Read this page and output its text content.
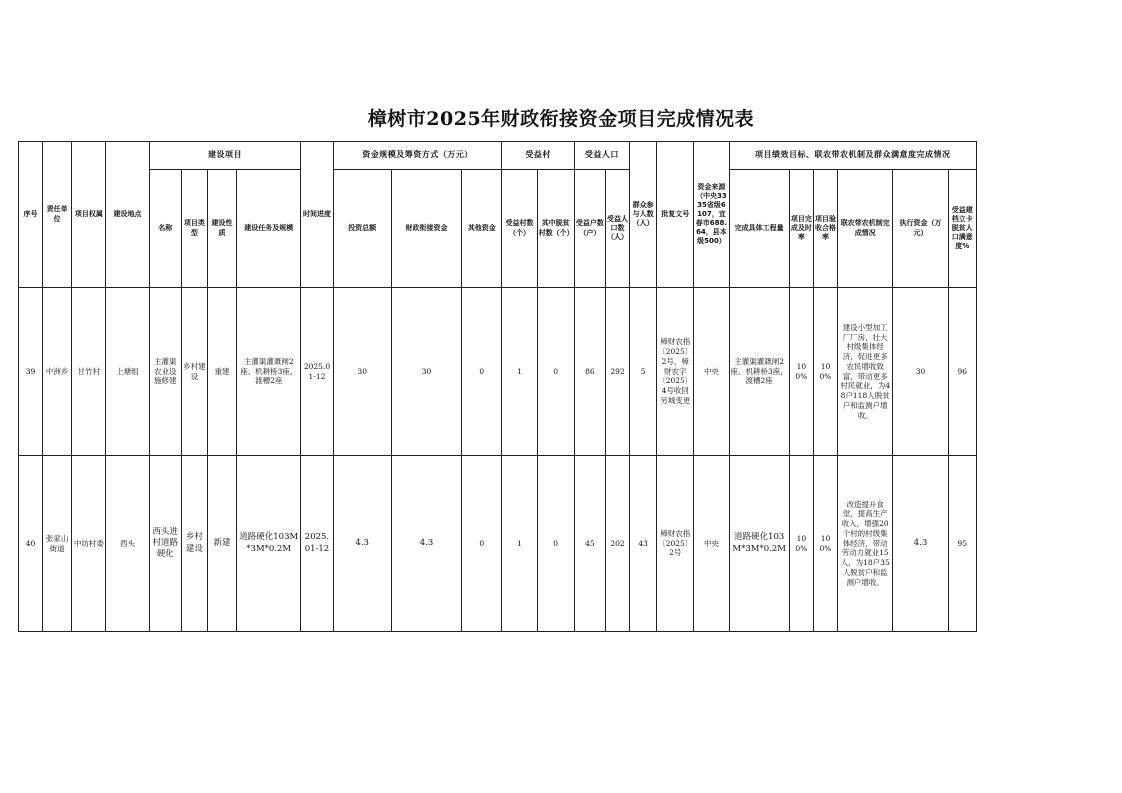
樟树市2025年财政衔接资金项目完成情况表
序号	责任单位	项目权属	建设地点	建设项目				时间进度	资金规模及筹资方式（万元）			受益村		受益人口		群众参与人数（人）	批复文号	资金来源（中央3335省级6107，宜春市688.64，县本级500）	项目绩效目标、联农带农机制及群众满意度完成情况					
				名称	项目类型	建设性质	建设任务及规模		投资总额	财政衔接资金	其他资金	受益村数（个）	其中脱贫村数（个）	受益户数（户）	受益人口数（人）				完成具体工程量	项目完成及时率	项目验收合格率	联农带农机制完成情况	执行资金（万元）	受益建档立卡脱贫人口满意度%
39	中洲乡	甘竹村	上塘组	主灌渠农业设施修建	乡村建设	重建	主灌渠灌溉闸2座、机耕桥3座，渡槽2座	2025.01-12	30	30	0	1	0	86	292	5	樟财农指〔2025〕2号，樟财农字〔2025〕4号收回另城变更	中央	主灌渠灌溉闸2座、机耕桥3座，渡槽2座	100%	100%	建设小型加工厂厂房，壮大村级集体经济，促进更多农民增收致富，带动更多村民就业，为48户118人脱贫户和监测户增收。	30	96
40	张家山街道	中坊村委	西头	西头进村道路硬化	乡村建设	新建	道路硬化103M*3M*0.2M	2025.01-12	4.3	4.3	0	1	0	45	202	43	樟财农指〔2025〕2号	中央	道路硬化103M*3M*0.2M	100%	100%	改造提升食堂，提高生产收入，增强20个村的村级集体经济，带动劳动力就业15人，为18户35人脱贫户和监测户增收。	4.3	95
